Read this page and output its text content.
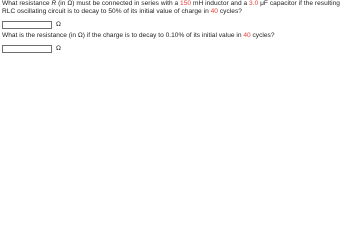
What resistance R (in Ω) must be connected in series with a 150 mH inductor and a 3.0 μF capacitor if the resulting RLC oscillating circuit is to decay to 50% of its initial value of charge in 40 cycles?
Ω
What is the resistance (in Ω) if the charge is to decay to 0.10% of its initial value in 40 cycles?
Ω
